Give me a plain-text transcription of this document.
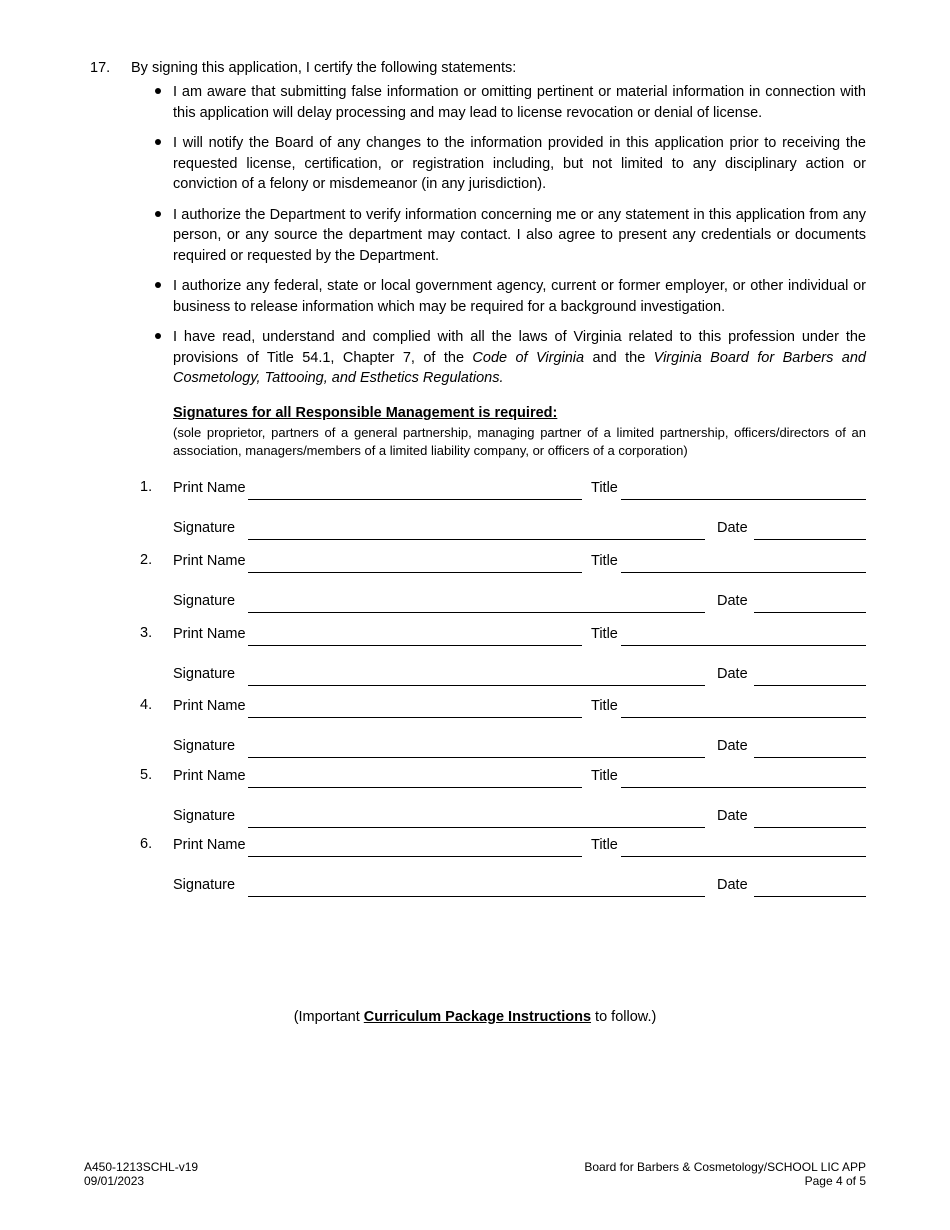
17. By signing this application, I certify the following statements:
I am aware that submitting false information or omitting pertinent or material information in connection with this application will delay processing and may lead to license revocation or denial of license.
I will notify the Board of any changes to the information provided in this application prior to receiving the requested license, certification, or registration including, but not limited to any disciplinary action or conviction of a felony or misdemeanor (in any jurisdiction).
I authorize the Department to verify information concerning me or any statement in this application from any person, or any source the department may contact. I also agree to present any credentials or documents required or requested by the Department.
I authorize any federal, state or local government agency, current or former employer, or other individual or business to release information which may be required for a background investigation.
I have read, understand and complied with all the laws of Virginia related to this profession under the provisions of Title 54.1, Chapter 7, of the Code of Virginia and the Virginia Board for Barbers and Cosmetology, Tattooing, and Esthetics Regulations.
Signatures for all Responsible Management is required:
(sole proprietor, partners of a general partnership, managing partner of a limited partnership, officers/directors of an association, managers/members of a limited liability company, or officers of a corporation)
1. Print Name	Title
Signature	Date
2. Print Name	Title
Signature	Date
3. Print Name	Title
Signature	Date
4. Print Name	Title
Signature	Date
5. Print Name	Title
Signature	Date
6. Print Name	Title
Signature	Date
(Important Curriculum Package Instructions to follow.)
A450-1213SCHL-v19
09/01/2023
Board for Barbers & Cosmetology/SCHOOL LIC APP
Page 4 of 5
